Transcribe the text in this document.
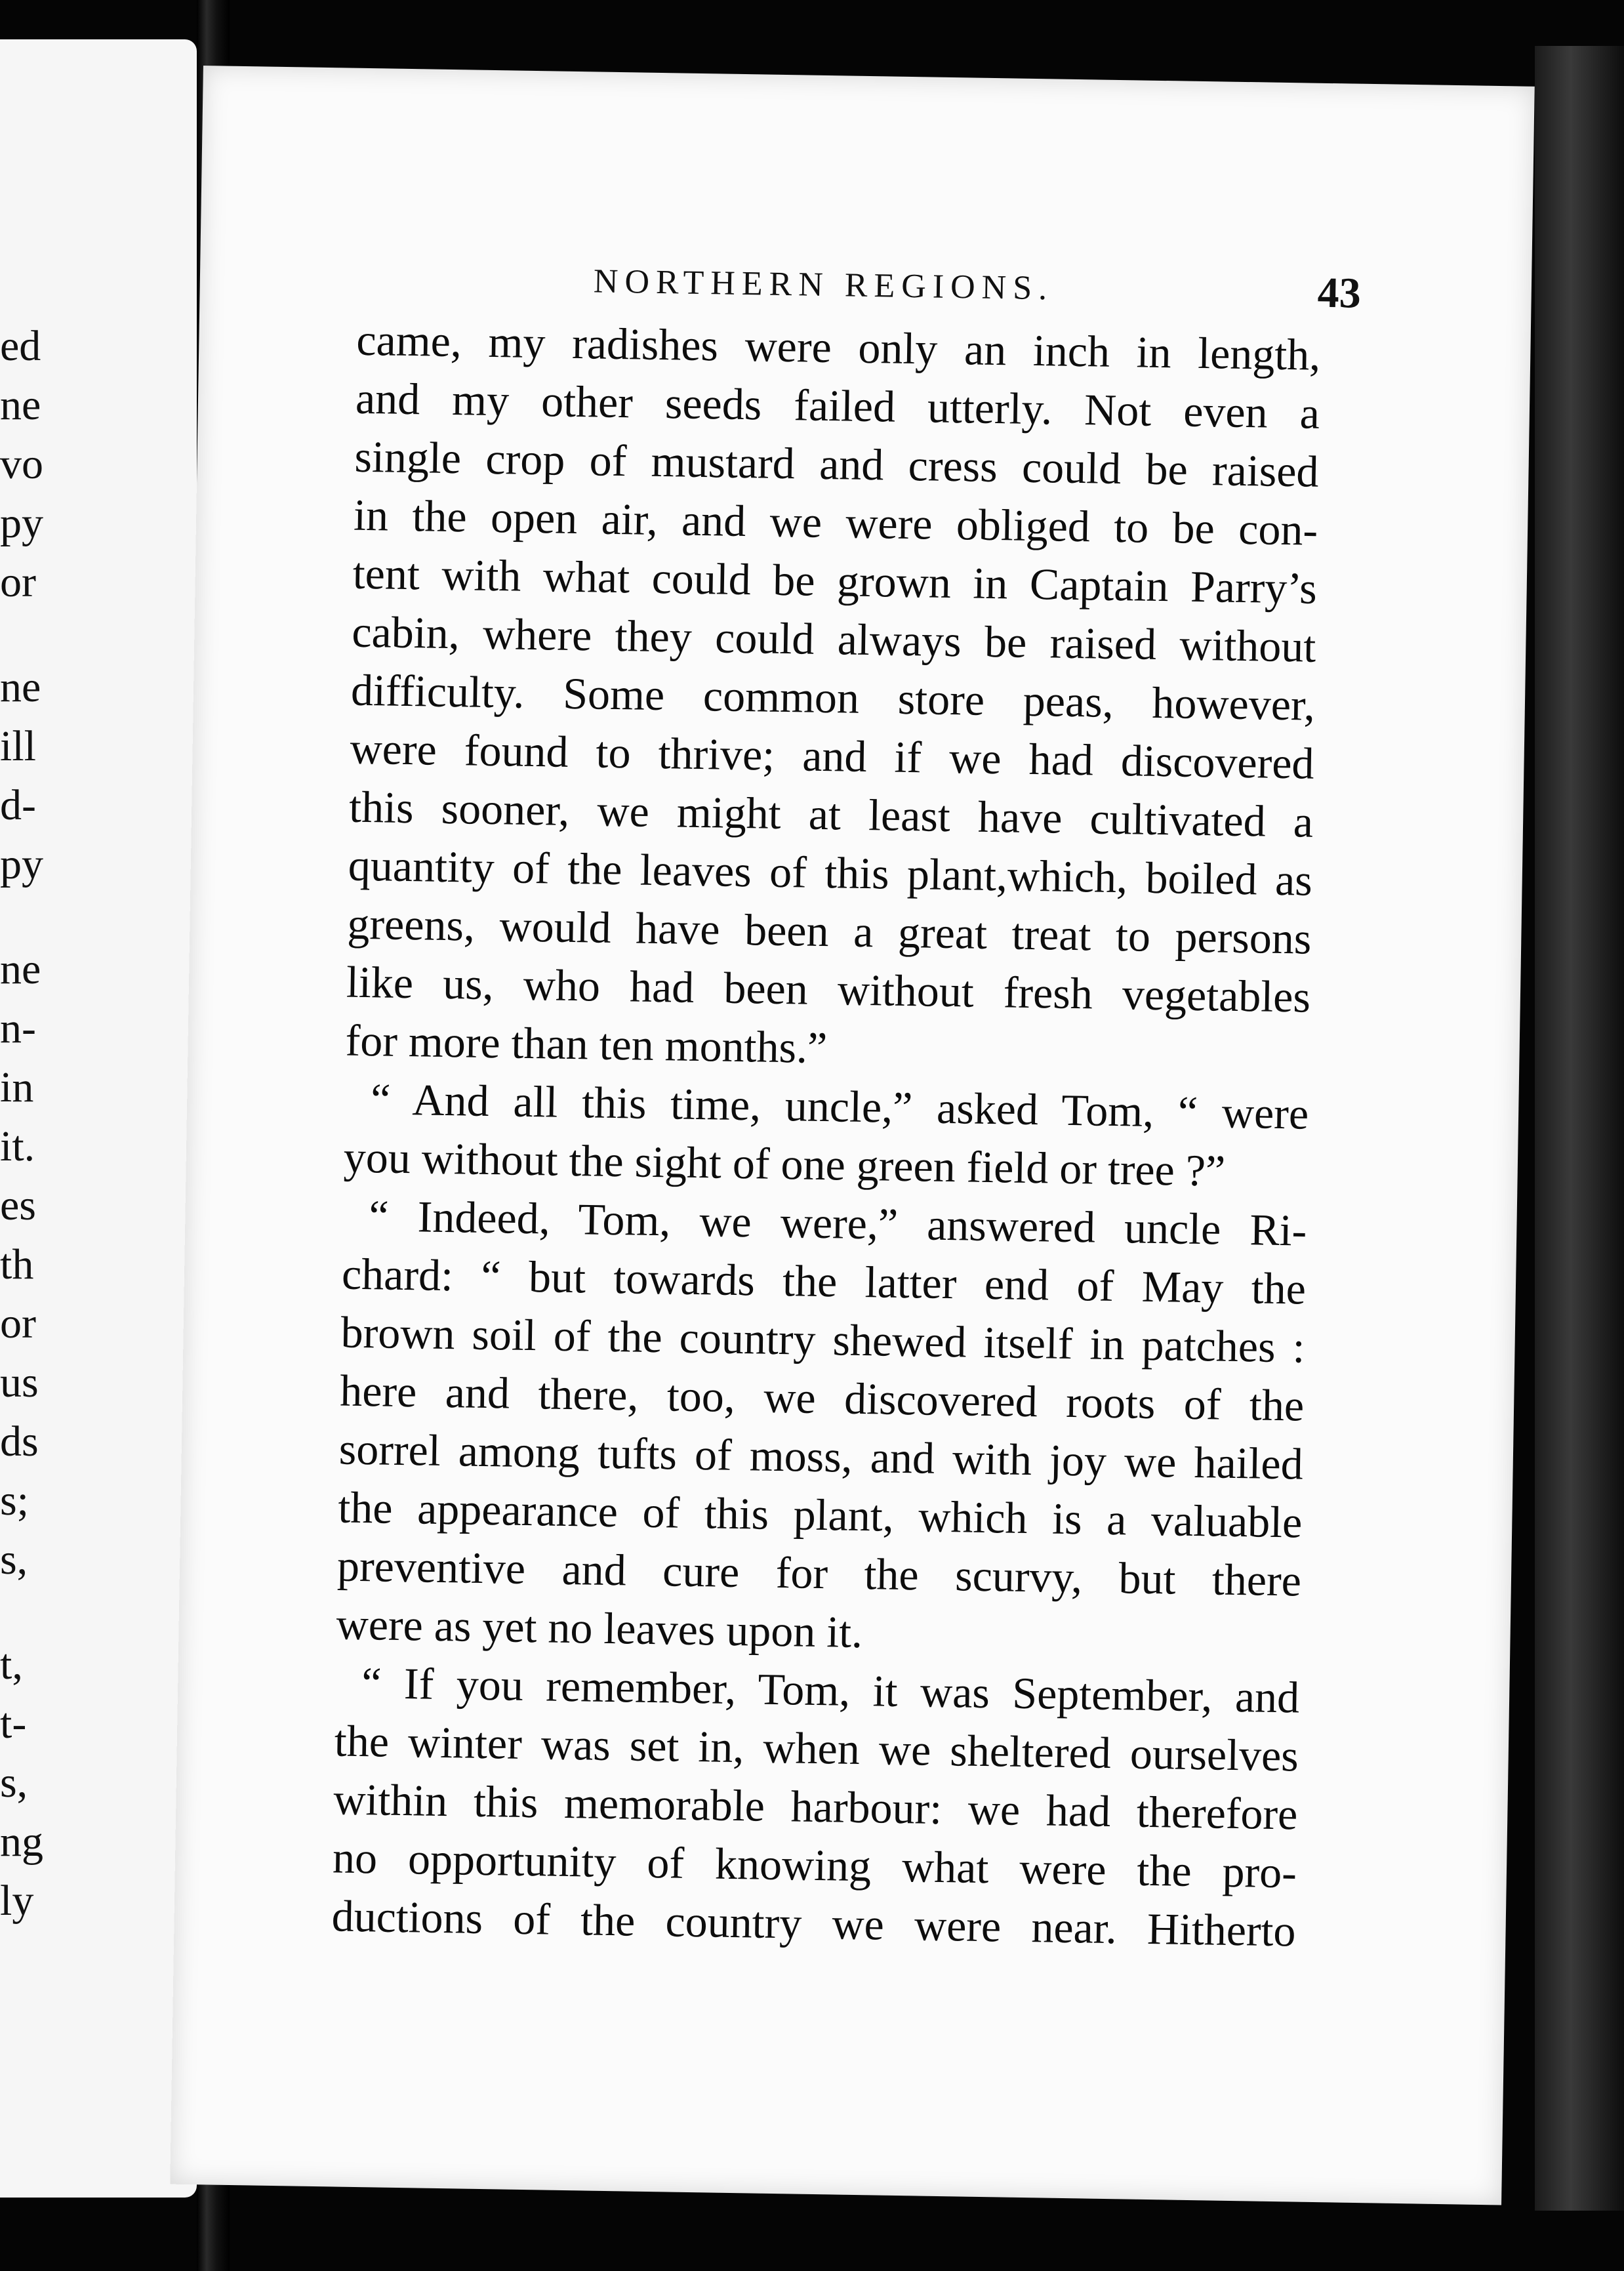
ed
ne
vo
py
or
ne
ill
d-
py
ne
n-
in
it.
es
th
or
us
ds
s;
s,
t,
t-
s,
ng
ly
NORTHERN REGIONS.	43
came, my radishes were only an inch in length,
and my other seeds failed utterly. Not even a
single crop of mustard and cress could be raised
in the open air, and we were obliged to be con-
tent with what could be grown in Captain Parry’s
cabin, where they could always be raised without
difficulty. Some common store peas, however,
were found to thrive; and if we had discovered
this sooner, we might at least have cultivated a
quantity of the leaves of this plant,which, boiled as
greens, would have been a great treat to persons
like us, who had been without fresh vegetables
for more than ten months.”
“ And all this time, uncle,” asked Tom, “ were
you without the sight of one green field or tree ?”
“ Indeed, Tom, we were,” answered uncle Ri-
chard: “ but towards the latter end of May the
brown soil of the country shewed itself in patches :
here and there, too, we discovered roots of the
sorrel among tufts of moss, and with joy we hailed
the appearance of this plant, which is a valuable
preventive and cure for the scurvy, but there
were as yet no leaves upon it.
“ If you remember, Tom, it was September, and
the winter was set in, when we sheltered ourselves
within this memorable harbour: we had therefore
no opportunity of knowing what were the pro-
ductions of the country we were near. Hitherto
